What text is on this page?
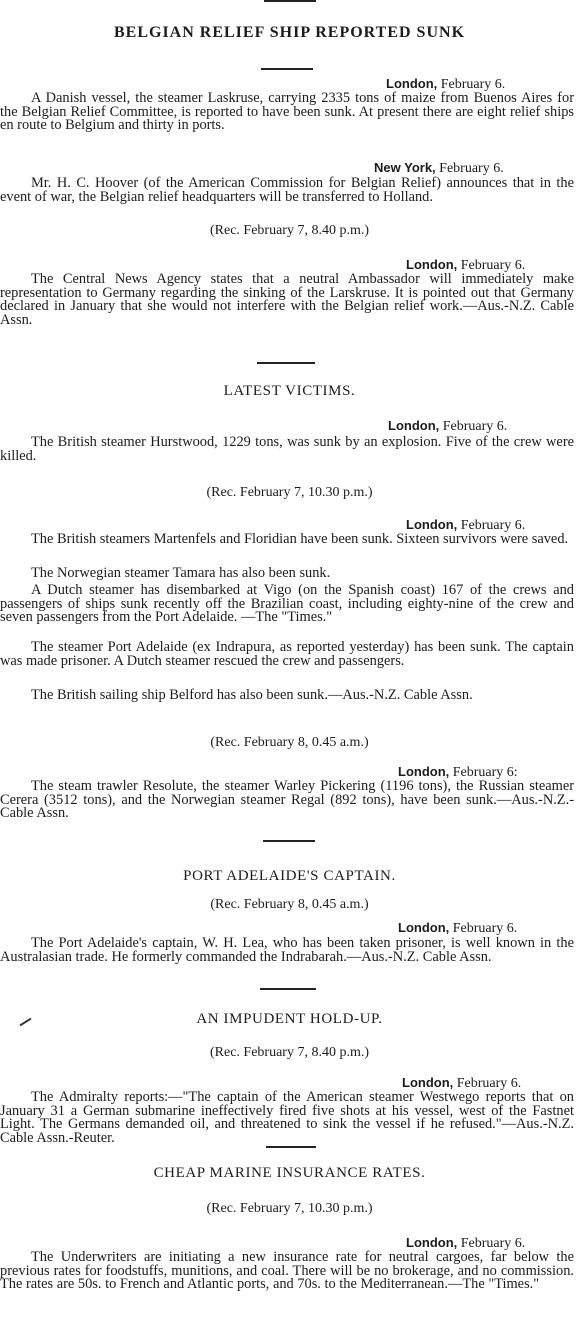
BELGIAN RELIEF SHIP REPORTED SUNK
London, February 6.

A Danish vessel, the steamer Laskruse, carrying 2335 tons of maize from Buenos Aires for the Belgian Relief Committee, is reported to have been sunk. At present there are eight relief ships en route to Belgium and thirty in ports.

New York, February 6.

Mr. H. C. Hoover (of the American Commission for Belgian Relief) announces that in the event of war, the Belgian relief headquarters will be transferred to Holland.

(Rec. February 7, 8.40 p.m.)
London, February 6.

The Central News Agency states that a neutral Ambassador will immediately make representation to Germany regarding the sinking of the Larskruse. It is pointed out that Germany declared in January that she would not interfere with the Belgian relief work.—Aus.-N.Z. Cable Assn.

LATEST VICTIMS.
London, February 6.

The British steamer Hurstwood, 1229 tons, was sunk by an explosion. Five of the crew were killed.

(Rec. February 7, 10.30 p.m.)
London, February 6.

The British steamers Martenfels and Floridian have been sunk. Sixteen survivors were saved.

The Norwegian steamer Tamara has also been sunk.

A Dutch steamer has disembarked at Vigo (on the Spanish coast) 167 of the crews and passengers of ships sunk recently off the Brazilian coast, including eighty-nine of the crew and seven passengers from the Port Adelaide. —The "Times."

The steamer Port Adelaide (ex Indrapura, as reported yesterday) has been sunk. The captain was made prisoner. A Dutch steamer rescued the crew and passengers.

The British sailing ship Belford has also been sunk.—Aus.-N.Z. Cable Assn.

(Rec. February 8, 0.45 a.m.)
London, February 6:

The steam trawler Resolute, the steamer Warley Pickering (1196 tons), the Russian steamer Cerera (3512 tons), and the Norwegian steamer Regal (892 tons), have been sunk.—Aus.-N.Z.-Cable Assn.

PORT ADELAIDE'S CAPTAIN.
(Rec. February 8, 0.45 a.m.)
London, February 6.

The Port Adelaide's captain, W. H. Lea, who has been taken prisoner, is well known in the Australasian trade. He formerly commanded the Indrabarah.—Aus.-N.Z. Cable Assn.

AN IMPUDENT HOLD-UP.
(Rec. February 7, 8.40 p.m.)
London, February 6.

The Admiralty reports:—"The captain of the American steamer Westwego reports that on January 31 a German submarine ineffectively fired five shots at his vessel, west of the Fastnet Light. The Germans demanded oil, and threatened to sink the vessel if he refused."—Aus.-N.Z. Cable Assn.-Reuter.

CHEAP MARINE INSURANCE RATES.
(Rec. February 7, 10.30 p.m.)
London, February 6.

The Underwriters are initiating a new insurance rate for neutral cargoes, far below the previous rates for foodstuffs, munitions, and coal. There will be no brokerage, and no commission. The rates are 50s. to French and Atlantic ports, and 70s. to the Mediterranean.—The "Times."
